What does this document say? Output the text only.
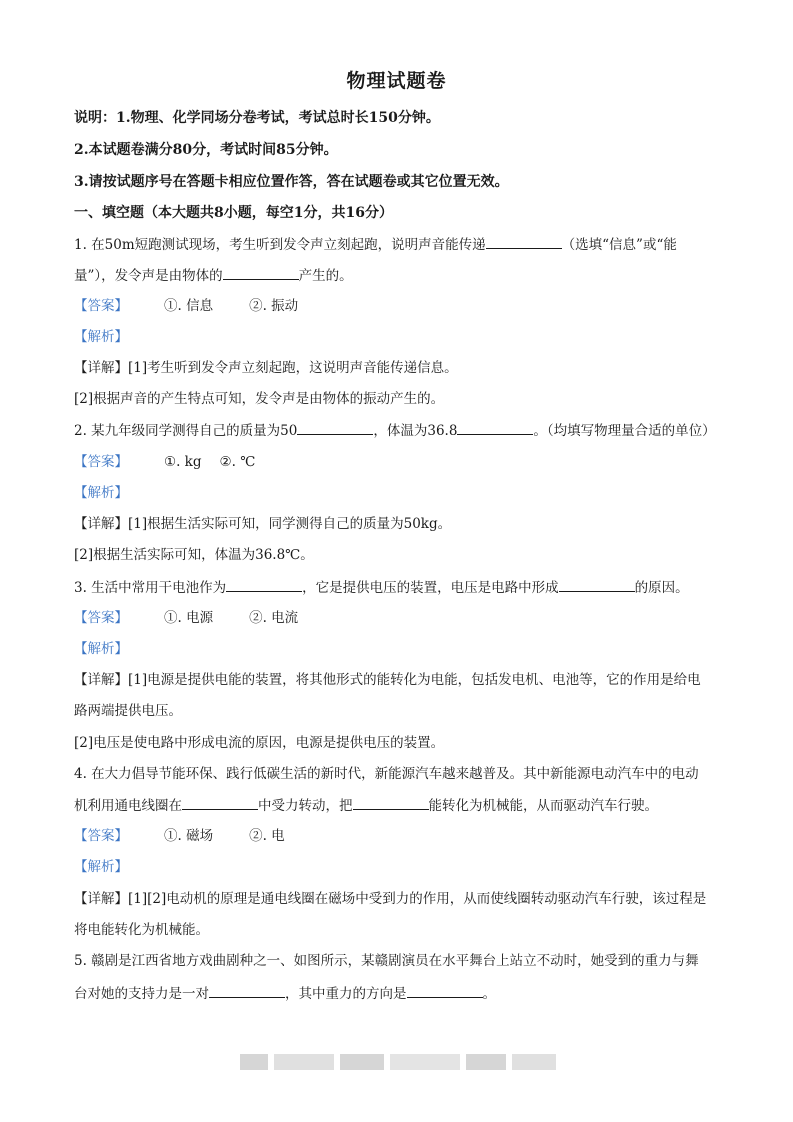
物理试题卷
说明：1.物理、化学同场分卷考试，考试总时长150分钟。
2.本试题卷满分80分，考试时间85分钟。
3.请按试题序号在答题卡相应位置作答，答在试题卷或其它位置无效。
一、填空题（本大题共8小题，每空1分，共16分）
1. 在50m短跑测试现场，考生听到发令声立刻起跑，说明声音能传递	（选填“信息”或“能
量”），发令声是由物体的	产生的。
【答案】	①. 信息	②. 振动
【解析】
【详解】[1]考生听到发令声立刻起跑，这说明声音能传递信息。
[2]根据声音的产生特点可知，发令声是由物体的振动产生的。
2. 某九年级同学测得自己的质量为50	，体温为36.8	。（均填写物理量合适的单位）
【答案】	①. kg ②. ℃
【解析】
【详解】[1]根据生活实际可知，同学测得自己的质量为50kg。
[2]根据生活实际可知，体温为36.8℃。
3. 生活中常用干电池作为	，它是提供电压的装置，电压是电路中形成	的原因。
【答案】	①. 电源	②. 电流
【解析】
【详解】[1]电源是提供电能的装置，将其他形式的能转化为电能，包括发电机、电池等，它的作用是给电
路两端提供电压。
[2]电压是使电路中形成电流的原因，电源是提供电压的装置。
4. 在大力倡导节能环保、践行低碳生活的新时代，新能源汽车越来越普及。其中新能源电动汽车中的电动
机利用通电线圈在	中受力转动，把	能转化为机械能，从而驱动汽车行驶。
【答案】	①. 磁场	②. 电
【解析】
【详解】[1][2]电动机的原理是通电线圈在磁场中受到力的作用，从而使线圈转动驱动汽车行驶，该过程是
将电能转化为机械能。
5. 赣剧是江西省地方戏曲剧种之一、如图所示，某赣剧演员在水平舞台上站立不动时，她受到的重力与舞
台对她的支持力是一对	，其中重力的方向是	。
